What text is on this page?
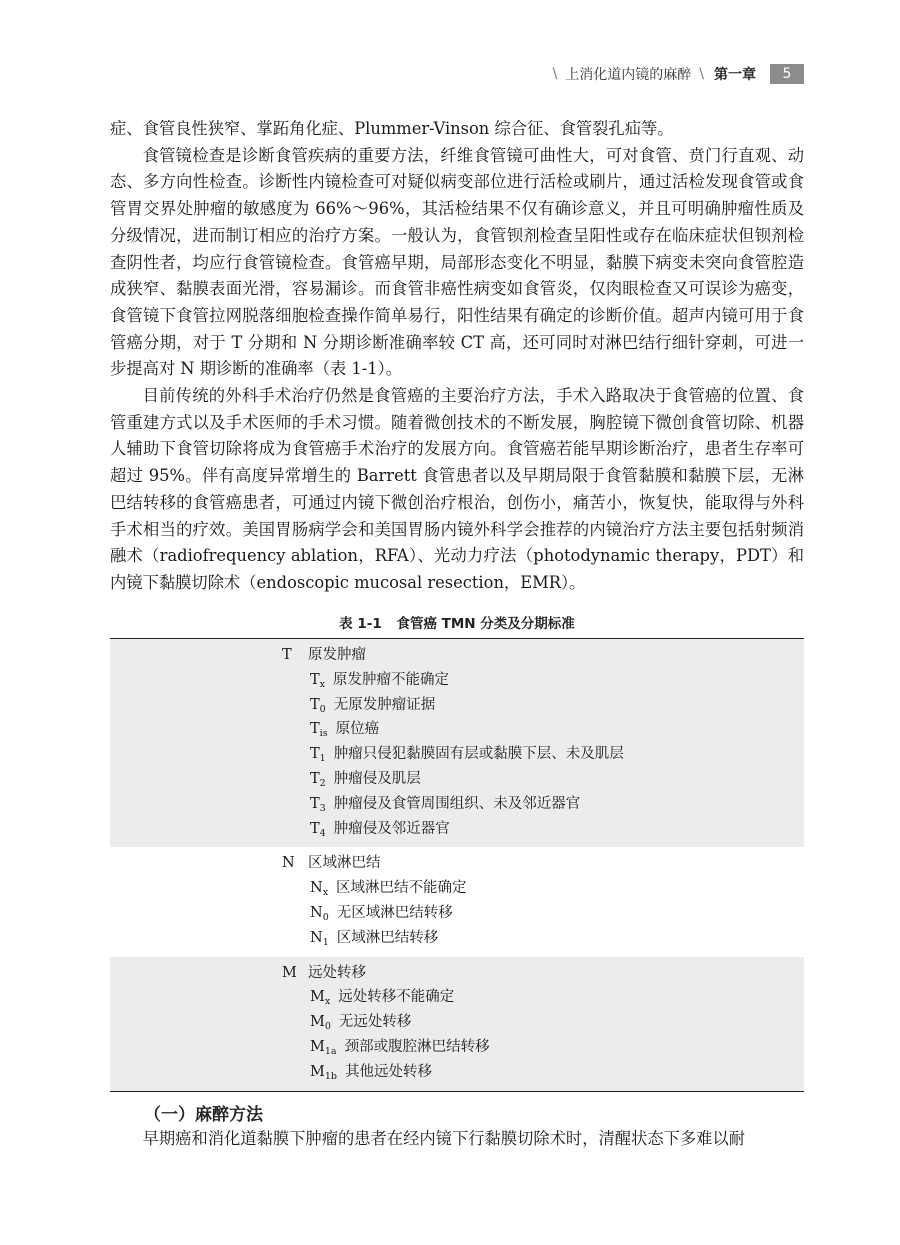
\ 上消化道内镜的麻醉 \ 第一章	5

症、食管良性狭窄、掌跖角化症、Plummer-Vinson 综合征、食管裂孔疝等。

食管镜检查是诊断食管疾病的重要方法，纤维食管镜可曲性大，可对食管、贲门行直观、动态、多方向性检查。诊断性内镜检查可对疑似病变部位进行活检或刷片，通过活检发现食管或食管胃交界处肿瘤的敏感度为 66%～96%，其活检结果不仅有确诊意义，并且可明确肿瘤性质及分级情况，进而制订相应的治疗方案。一般认为，食管钡剂检查呈阳性或存在临床症状但钡剂检查阴性者，均应行食管镜检查。食管癌早期，局部形态变化不明显，黏膜下病变未突向食管腔造成狭窄、黏膜表面光滑，容易漏诊。而食管非癌性病变如食管炎，仅肉眼检查又可误诊为癌变，食管镜下食管拉网脱落细胞检查操作简单易行，阳性结果有确定的诊断价值。超声内镜可用于食管癌分期，对于 T 分期和 N 分期诊断准确率较 CT 高，还可同时对淋巴结行细针穿刺，可进一步提高对 N 期诊断的准确率（表 1-1）。

目前传统的外科手术治疗仍然是食管癌的主要治疗方法，手术入路取决于食管癌的位置、食管重建方式以及手术医师的手术习惯。随着微创技术的不断发展，胸腔镜下微创食管切除、机器人辅助下食管切除将成为食管癌手术治疗的发展方向。食管癌若能早期诊断治疗，患者生存率可超过 95%。伴有高度异常增生的 Barrett 食管患者以及早期局限于食管黏膜和黏膜下层，无淋巴结转移的食管癌患者，可通过内镜下微创治疗根治，创伤小，痛苦小，恢复快，能取得与外科手术相当的疗效。美国胃肠病学会和美国胃肠内镜外科学会推荐的内镜治疗方法主要包括射频消融术（radiofrequency ablation，RFA）、光动力疗法（photodynamic therapy，PDT）和内镜下黏膜切除术（endoscopic mucosal resection，EMR）。

表 1-1 食管癌 TMN 分类及分期标准
T 原发肿瘤
$T_x$ 原发肿瘤不能确定
$T_0$ 无原发肿瘤证据
$T_{is}$ 原位癌
$T_1$ 肿瘤只侵犯黏膜固有层或黏膜下层、未及肌层
$T_2$ 肿瘤侵及肌层
$T_3$ 肿瘤侵及食管周围组织、未及邻近器官
$T_4$ 肿瘤侵及邻近器官
N 区域淋巴结
$N_x$ 区域淋巴结不能确定
$N_0$ 无区域淋巴结转移
$N_1$ 区域淋巴结转移
M 远处转移
$M_x$ 远处转移不能确定
$M_0$ 无远处转移
$M_{1a}$ 颈部或腹腔淋巴结转移
$M_{1b}$ 其他远处转移
（一）麻醉方法
早期癌和消化道黏膜下肿瘤的患者在经内镜下行黏膜切除术时，清醒状态下多难以耐
